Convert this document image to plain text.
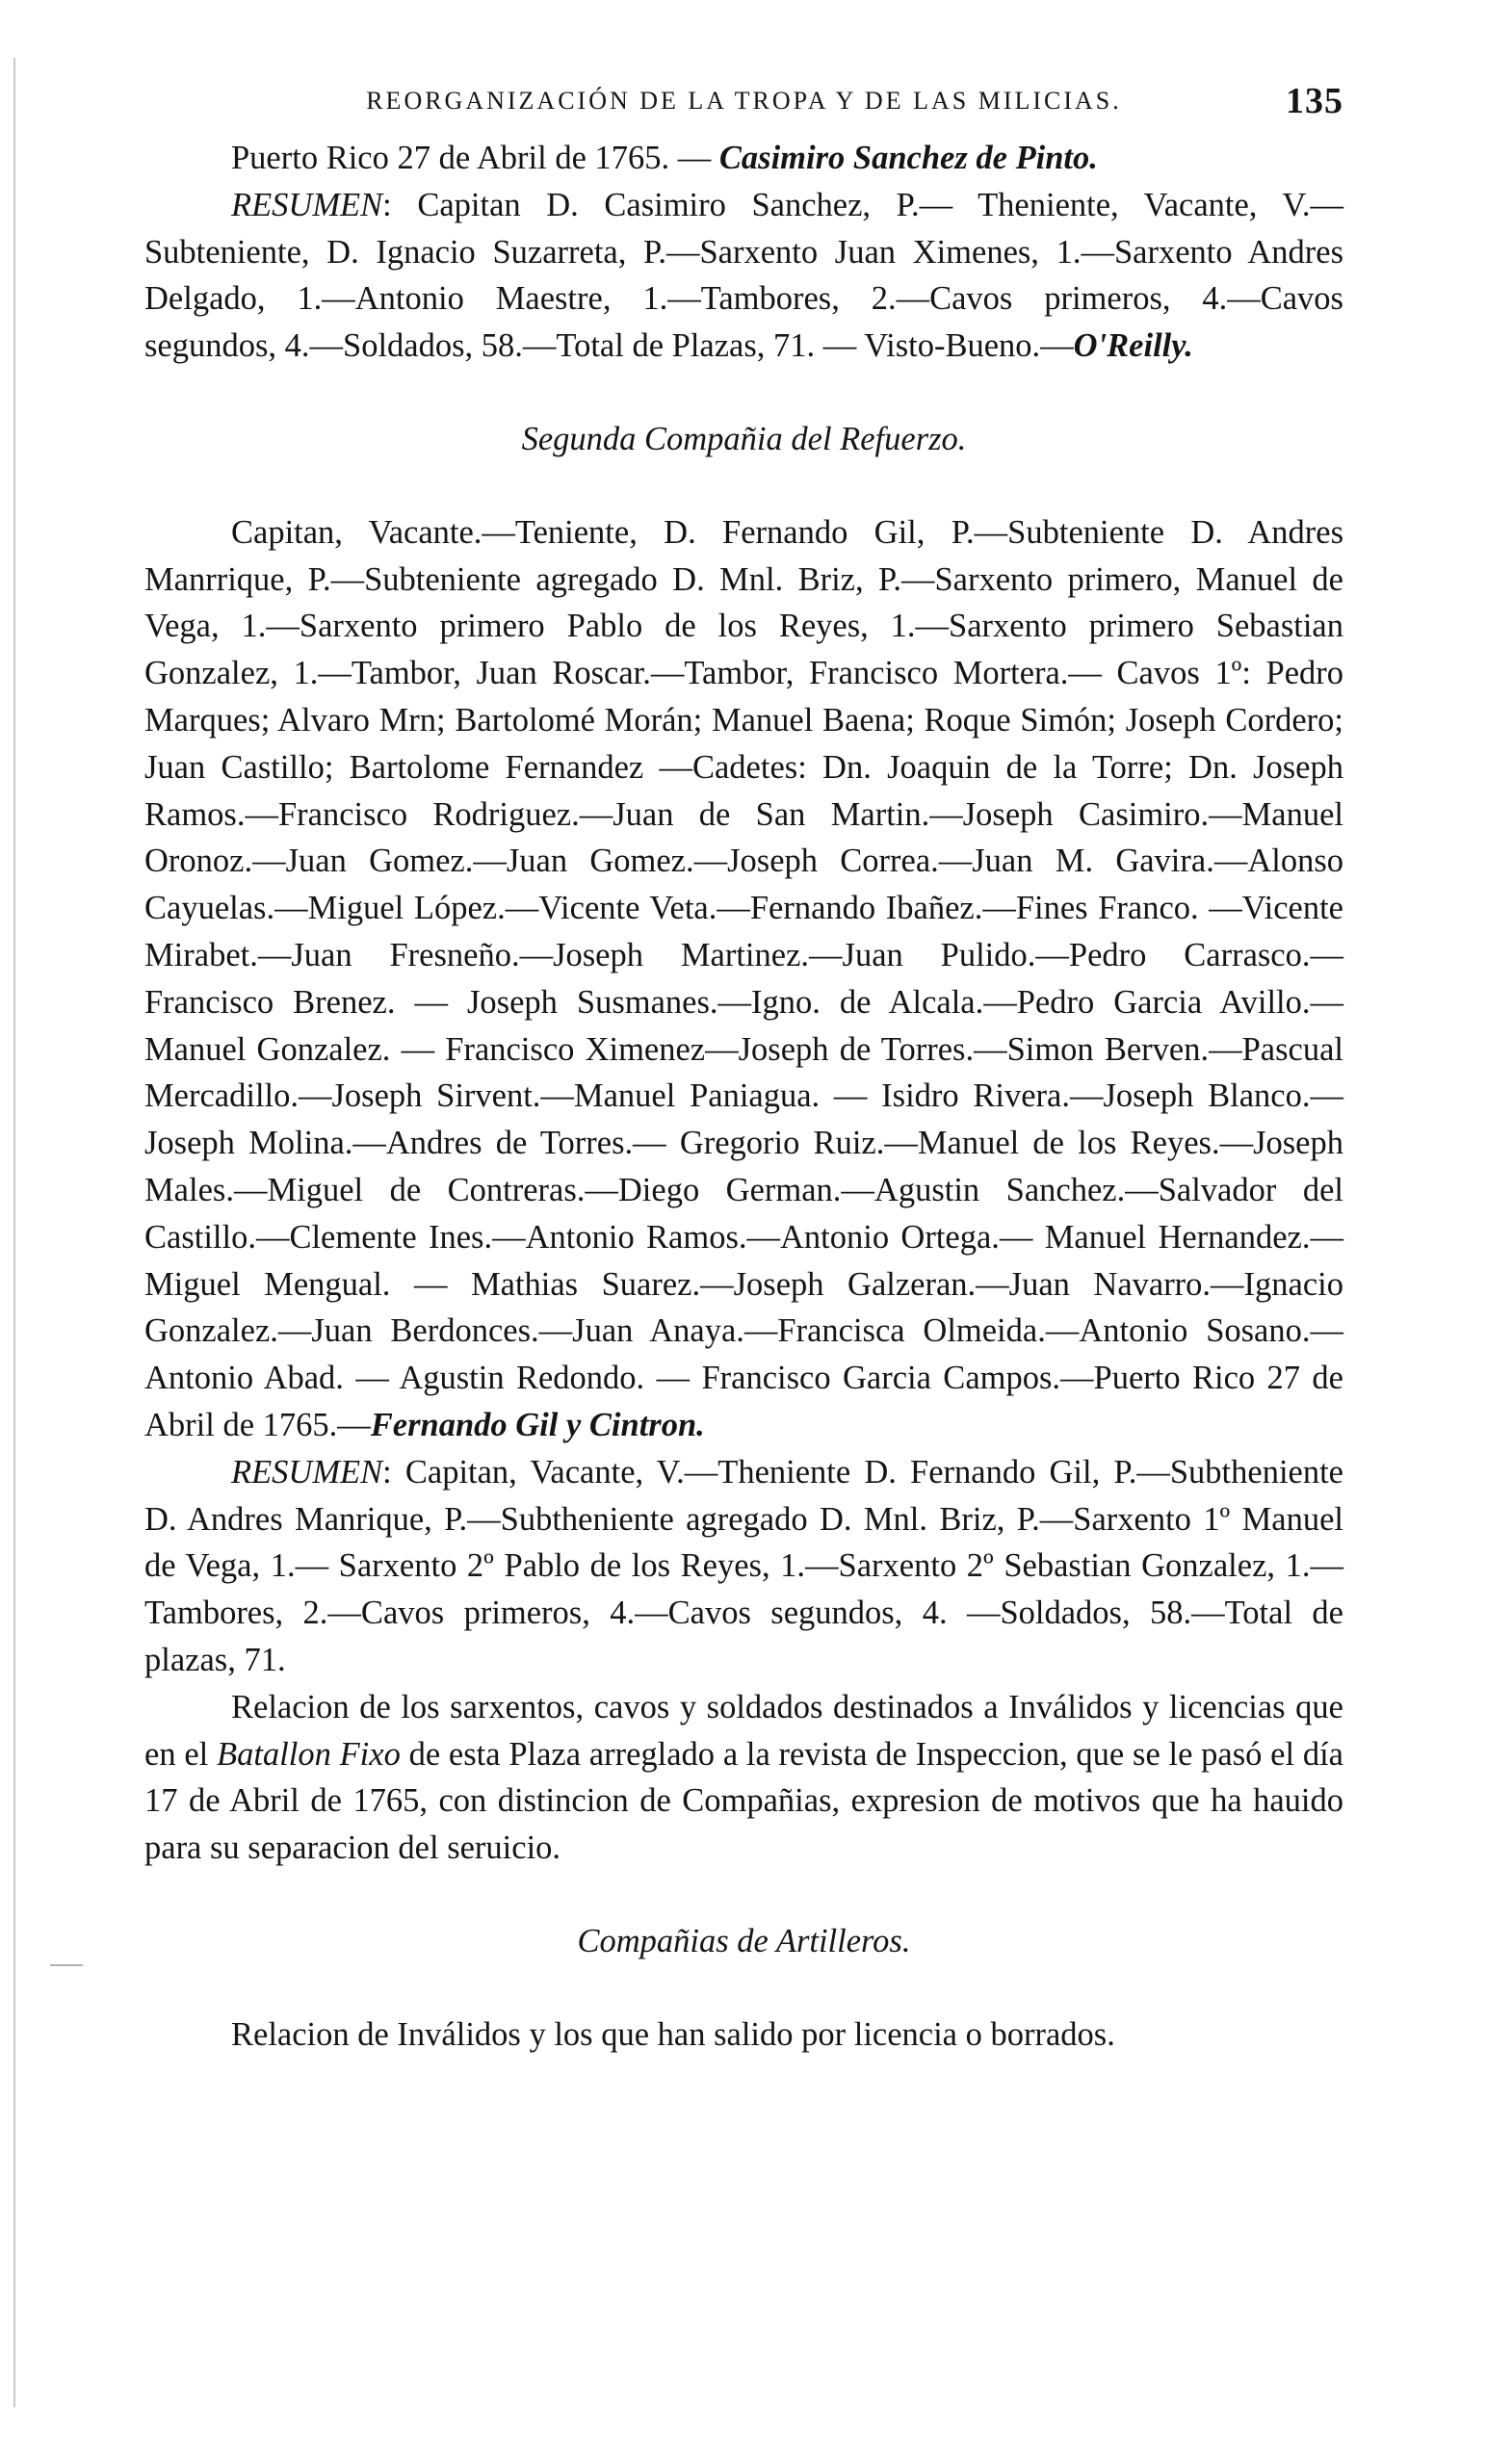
REORGANIZACIÓN DE LA TROPA Y DE LAS MILICIAS.	135

Puerto Rico 27 de Abril de 1765. — Casimiro Sanchez de Pinto.

RESUMEN: Capitan D. Casimiro Sanchez, P.— Theniente, Vacante, V.—Subteniente, D. Ignacio Suzarreta, P.—Sarxento Juan Ximenes, 1.—Sarxento Andres Delgado, 1.—Antonio Maestre, 1.—Tambores, 2.—Cavos primeros, 4.—Cavos segundos, 4.—Soldados, 58.—Total de Plazas, 71. — Visto-Bueno.—O'Reilly.

Segunda Compañia del Refuerzo.

Capitan, Vacante.—Teniente, D. Fernando Gil, P.—Subteniente D. Andres Manrrique, P.—Subteniente agregado D. Mnl. Briz, P.—Sarxento primero, Manuel de Vega, 1.—Sarxento primero Pablo de los Reyes, 1.—Sarxento primero Sebastian Gonzalez, 1.—Tambor, Juan Roscar.—Tambor, Francisco Mortera.— Cavos 1º: Pedro Marques; Alvaro Mrn; Bartolomé Morán; Manuel Baena; Roque Simón; Joseph Cordero; Juan Castillo; Bartolome Fernandez —Cadetes: Dn. Joaquin de la Torre; Dn. Joseph Ramos.—Francisco Rodriguez.—Juan de San Martin.—Joseph Casimiro.—Manuel Oronoz.—Juan Gomez.—Juan Gomez.—Joseph Correa.—Juan M. Gavira.—Alonso Cayuelas.—Miguel López.—Vicente Veta.—Fernando Ibañez.—Fines Franco. —Vicente Mirabet.—Juan Fresneño.—Joseph Martinez.—Juan Pulido.—Pedro Carrasco.—Francisco Brenez. — Joseph Susmanes.—Igno. de Alcala.—Pedro Garcia Avillo.—Manuel Gonzalez. — Francisco Ximenez—Joseph de Torres.—Simon Berven.—Pascual Mercadillo.—Joseph Sirvent.—Manuel Paniagua. — Isidro Rivera.—Joseph Blanco.—Joseph Molina.—Andres de Torres.— Gregorio Ruiz.—Manuel de los Reyes.—Joseph Males.—Miguel de Contreras.—Diego German.—Agustin Sanchez.—Salvador del Castillo.—Clemente Ines.—Antonio Ramos.—Antonio Ortega.— Manuel Hernandez.—Miguel Mengual. — Mathias Suarez.—Joseph Galzeran.—Juan Navarro.—Ignacio Gonzalez.—Juan Berdonces.—Juan Anaya.—Francisca Olmeida.—Antonio Sosano.— Antonio Abad. — Agustin Redondo. — Francisco Garcia Campos.—Puerto Rico 27 de Abril de 1765.—Fernando Gil y Cintron.

RESUMEN: Capitan, Vacante, V.—Theniente D. Fernando Gil, P.—Subtheniente D. Andres Manrique, P.—Subtheniente agregado D. Mnl. Briz, P.—Sarxento 1º Manuel de Vega, 1.— Sarxento 2º Pablo de los Reyes, 1.—Sarxento 2º Sebastian Gonzalez, 1.—Tambores, 2.—Cavos primeros, 4.—Cavos segundos, 4. —Soldados, 58.—Total de plazas, 71.

Relacion de los sarxentos, cavos y soldados destinados a Inválidos y licencias que en el Batallon Fixo de esta Plaza arreglado a la revista de Inspeccion, que se le pasó el día 17 de Abril de 1765, con distincion de Compañias, expresion de motivos que ha hauido para su separacion del seruicio.

Compañias de Artilleros.

Relacion de Inválidos y los que han salido por licencia o borrados.
